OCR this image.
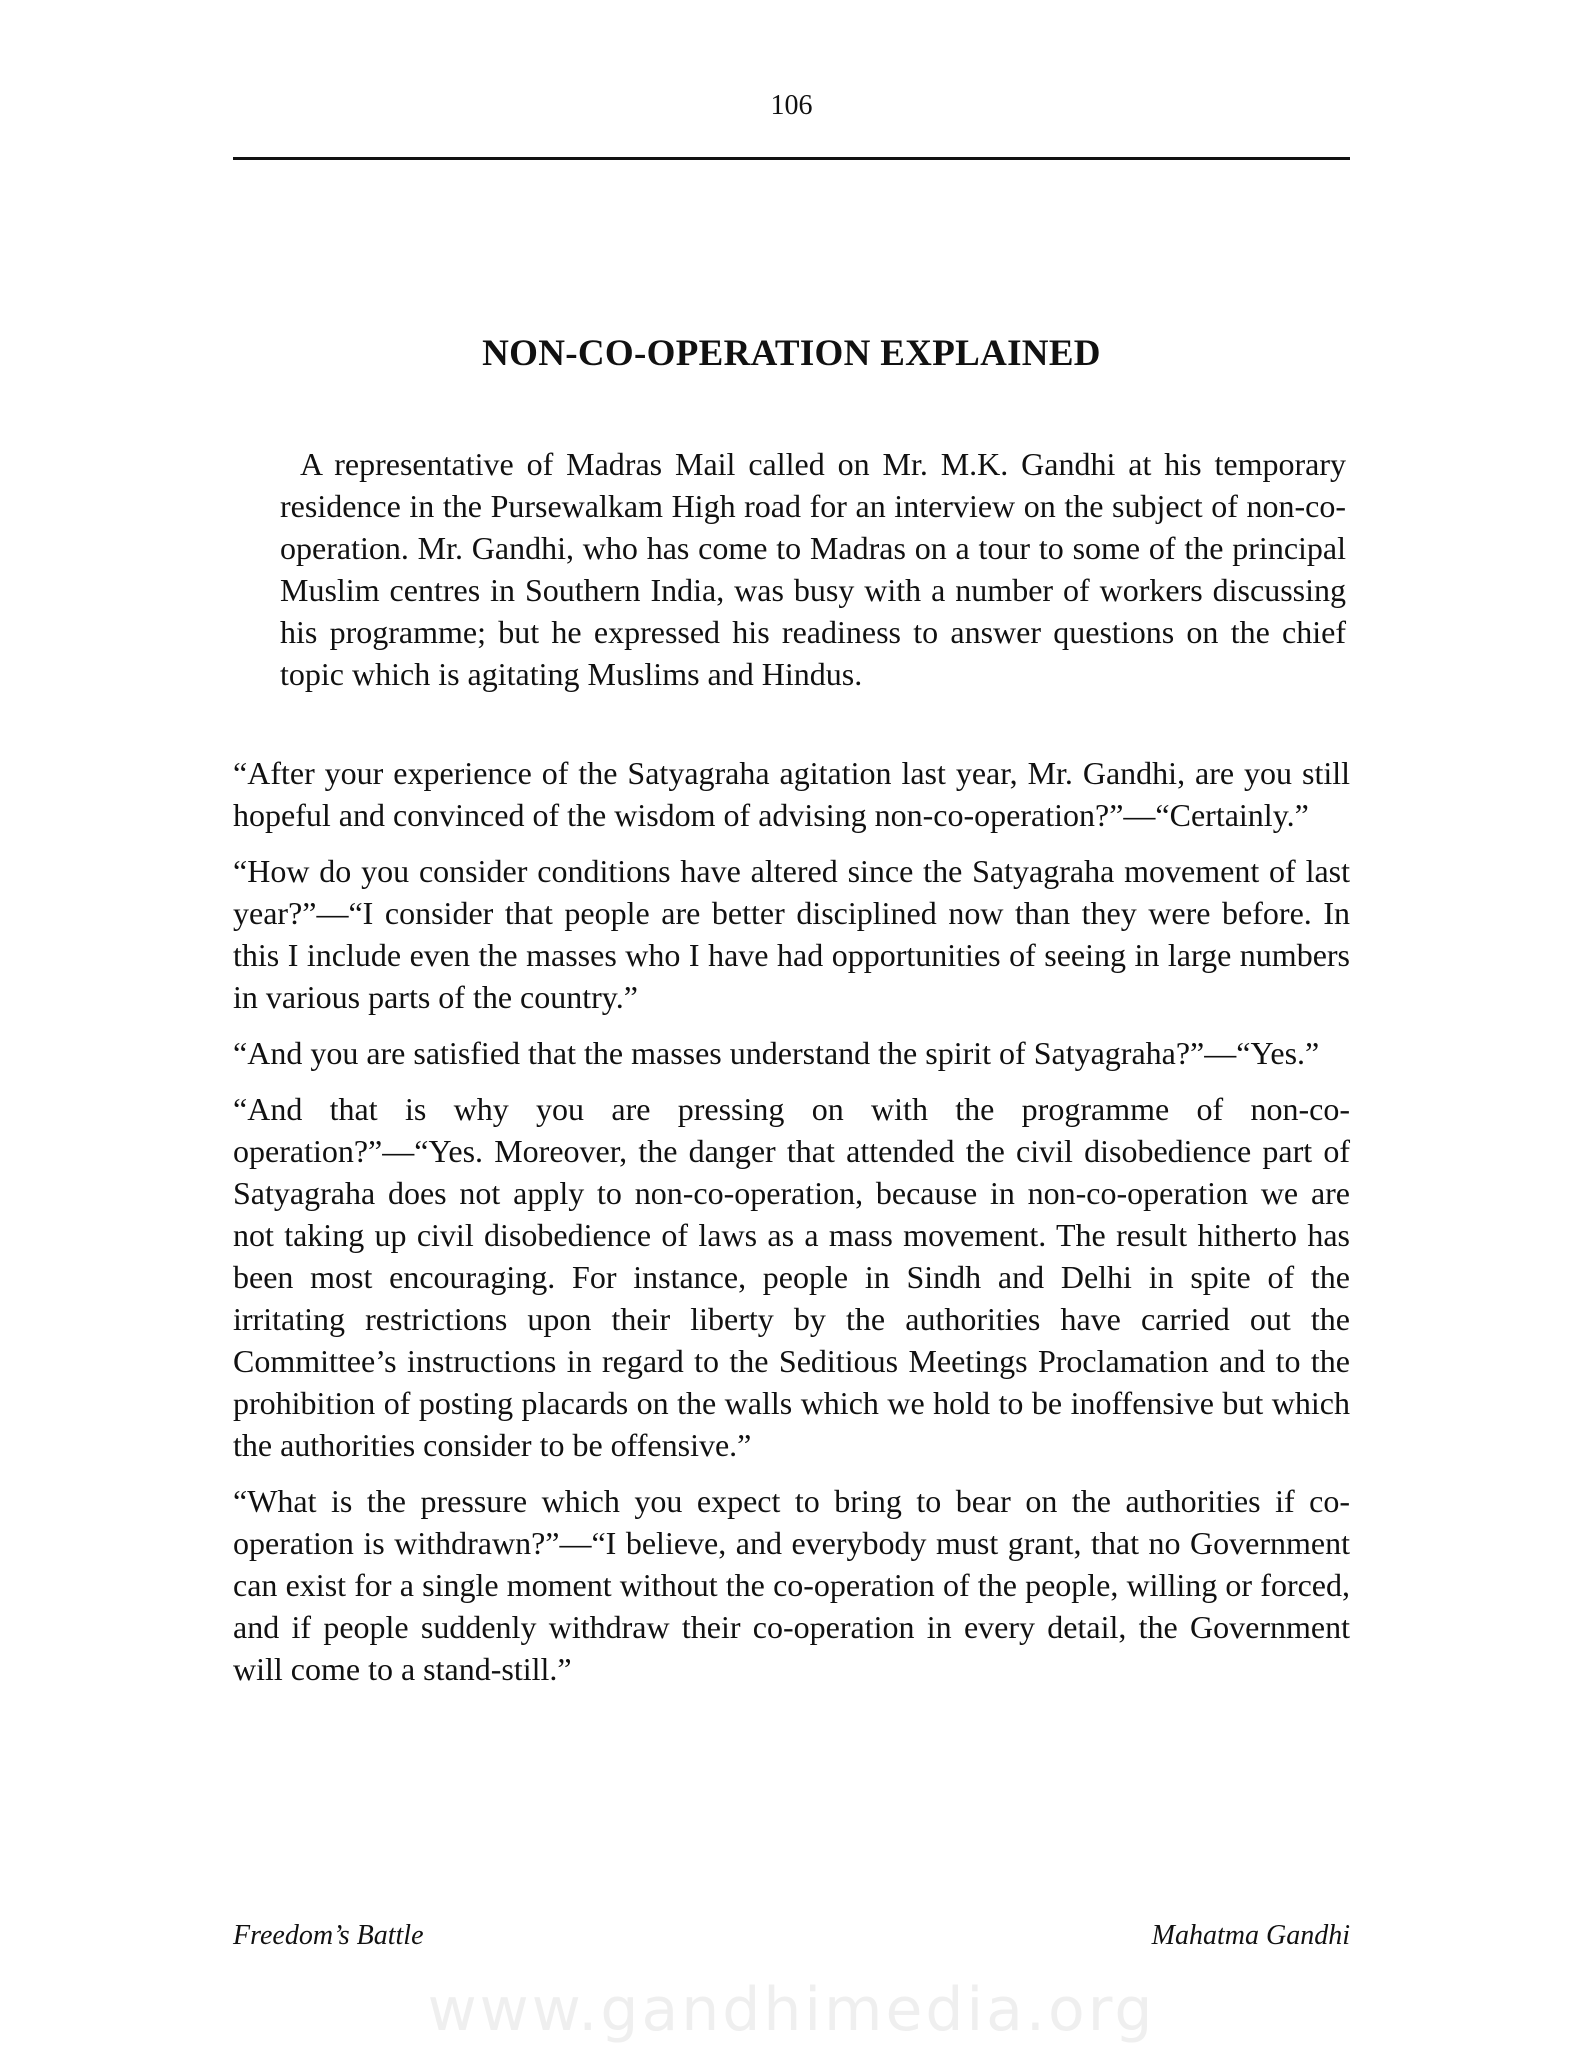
106
NON-CO-OPERATION EXPLAINED

A representative of Madras Mail called on Mr. M.K. Gandhi at his temporary residence in the Pursewalkam High road for an interview on the subject of non-co-operation. Mr. Gandhi, who has come to Madras on a tour to some of the principal Muslim centres in Southern India, was busy with a number of workers discussing his programme; but he expressed his readiness to answer questions on the chief topic which is agitating Muslims and Hindus.

“After your experience of the Satyagraha agitation last year, Mr. Gandhi, are you still hopeful and convinced of the wisdom of advising non-co-operation?”—“Certainly.”

“How do you consider conditions have altered since the Satyagraha movement of last year?”—“I consider that people are better disciplined now than they were before. In this I include even the masses who I have had opportunities of seeing in large numbers in various parts of the country.”

“And you are satisfied that the masses understand the spirit of Satyagraha?”—“Yes.”

“And that is why you are pressing on with the programme of non-co-operation?”—“Yes. Moreover, the danger that attended the civil disobedience part of Satyagraha does not apply to non-co-operation, because in non-co-operation we are not taking up civil disobedience of laws as a mass movement. The result hitherto has been most encouraging. For instance, people in Sindh and Delhi in spite of the irritating restrictions upon their liberty by the authorities have carried out the Committee’s instructions in regard to the Seditious Meetings Proclamation and to the prohibition of posting placards on the walls which we hold to be inoffensive but which the authorities consider to be offensive.”

“What is the pressure which you expect to bring to bear on the authorities if co-operation is withdrawn?”—“I believe, and everybody must grant, that no Government can exist for a single moment without the co-operation of the people, willing or forced, and if people suddenly withdraw their co-operation in every detail, the Government will come to a stand-still.”

Freedom’s Battle	Mahatma Gandhi
www.gandhimedia.org
